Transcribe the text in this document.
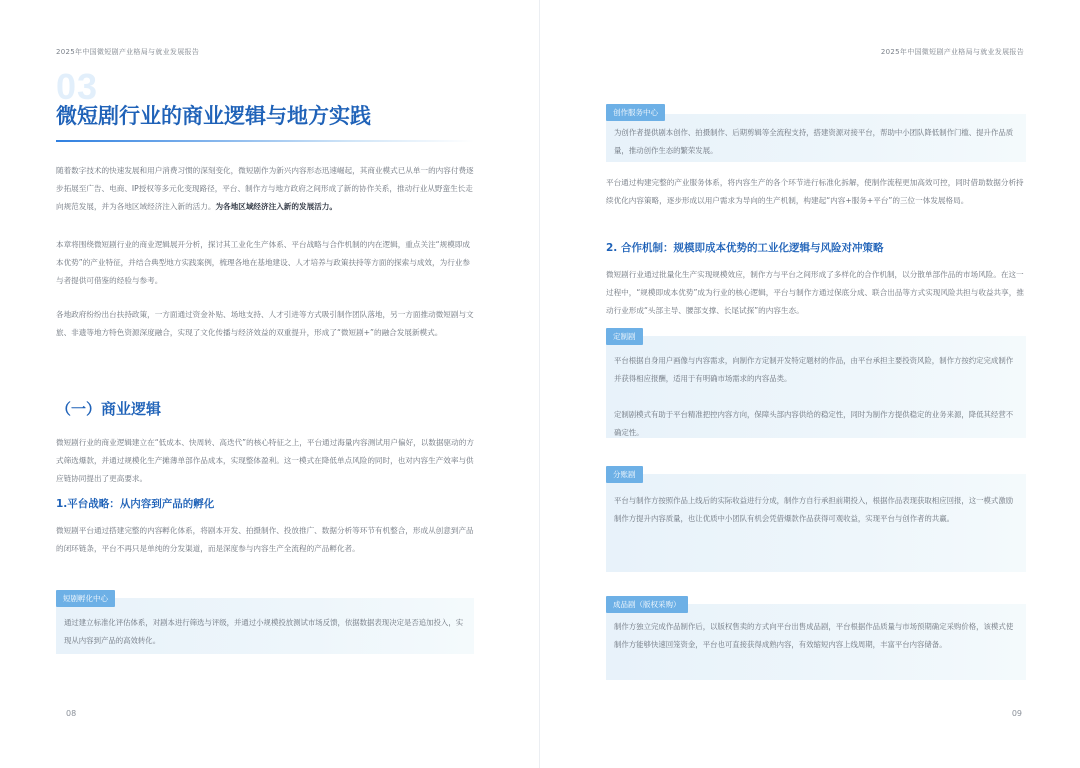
2025年中国微短剧产业格局与就业发展报告
03
微短剧行业的商业逻辑与地方实践

随着数字技术的快速发展和用户消费习惯的深刻变化，微短剧作为新兴内容形态迅速崛起，其商业模式已从单一的内容付费逐步拓展至广告、电商、IP授权等多元化变现路径，平台、制作方与地方政府之间形成了新的协作关系，推动行业从野蛮生长走向规范发展，并为各地区域经济注入新的活力。为各地区域经济注入新的发展活力。

本章将围绕微短剧行业的商业逻辑展开分析，探讨其工业化生产体系、平台战略与合作机制的内在逻辑，重点关注“规模即成本优势”的产业特征，并结合典型地方实践案例，梳理各地在基地建设、人才培养与政策扶持等方面的探索与成效，为行业参与者提供可借鉴的经验与参考。

各地政府纷纷出台扶持政策，一方面通过资金补贴、场地支持、人才引进等方式吸引制作团队落地，另一方面推动微短剧与文旅、非遗等地方特色资源深度融合，实现了文化传播与经济效益的双重提升，形成了“微短剧+”的融合发展新模式。

（一）商业逻辑

微短剧行业的商业逻辑建立在“低成本、快周转、高迭代”的核心特征之上，平台通过海量内容测试用户偏好，以数据驱动的方式筛选爆款，并通过规模化生产摊薄单部作品成本，实现整体盈利。这一模式在降低单点风险的同时，也对内容生产效率与供应链协同提出了更高要求。

1.平台战略：从内容到产品的孵化

微短剧平台通过搭建完整的内容孵化体系，将剧本开发、拍摄制作、投放推广、数据分析等环节有机整合，形成从创意到产品的闭环链条，平台不再只是单纯的分发渠道，而是深度参与内容生产全流程的产品孵化者。

短剧孵化中心

通过建立标准化评估体系，对剧本进行筛选与评级，并通过小规模投放测试市场反馈，依据数据表现决定是否追加投入，实现从内容到产品的高效转化。

08
2025年中国微短剧产业格局与就业发展报告
创作服务中心

为创作者提供剧本创作、拍摄制作、后期剪辑等全流程支持，搭建资源对接平台，帮助中小团队降低制作门槛、提升作品质量，推动创作生态的繁荣发展。

平台通过构建完整的产业服务体系，将内容生产的各个环节进行标准化拆解，使制作流程更加高效可控，同时借助数据分析持续优化内容策略，逐步形成以用户需求为导向的生产机制，构建起“内容+服务+平台”的三位一体发展格局。

2. 合作机制：规模即成本优势的工业化逻辑与风险对冲策略

微短剧行业通过批量化生产实现规模效应，制作方与平台之间形成了多样化的合作机制，以分散单部作品的市场风险。在这一过程中，“规模即成本优势”成为行业的核心逻辑，平台与制作方通过保底分成、联合出品等方式实现风险共担与收益共享，推动行业形成“头部主导、腰部支撑、长尾试探”的内容生态。

定制剧

平台根据自身用户画像与内容需求，向制作方定制开发特定题材的作品，由平台承担主要投资风险，制作方按约定完成制作并获得相应报酬，适用于有明确市场需求的内容品类。

定制剧模式有助于平台精准把控内容方向，保障头部内容供给的稳定性，同时为制作方提供稳定的业务来源，降低其经营不确定性。

分账剧

平台与制作方按照作品上线后的实际收益进行分成，制作方自行承担前期投入，根据作品表现获取相应回报，这一模式激励制作方提升内容质量，也让优质中小团队有机会凭借爆款作品获得可观收益，实现平台与创作者的共赢。

成品剧（版权采购）

制作方独立完成作品制作后，以版权售卖的方式向平台出售成品剧，平台根据作品质量与市场预期确定采购价格，该模式使制作方能够快速回笼资金，平台也可直接获得成熟内容，有效缩短内容上线周期，丰富平台内容储备。

09
